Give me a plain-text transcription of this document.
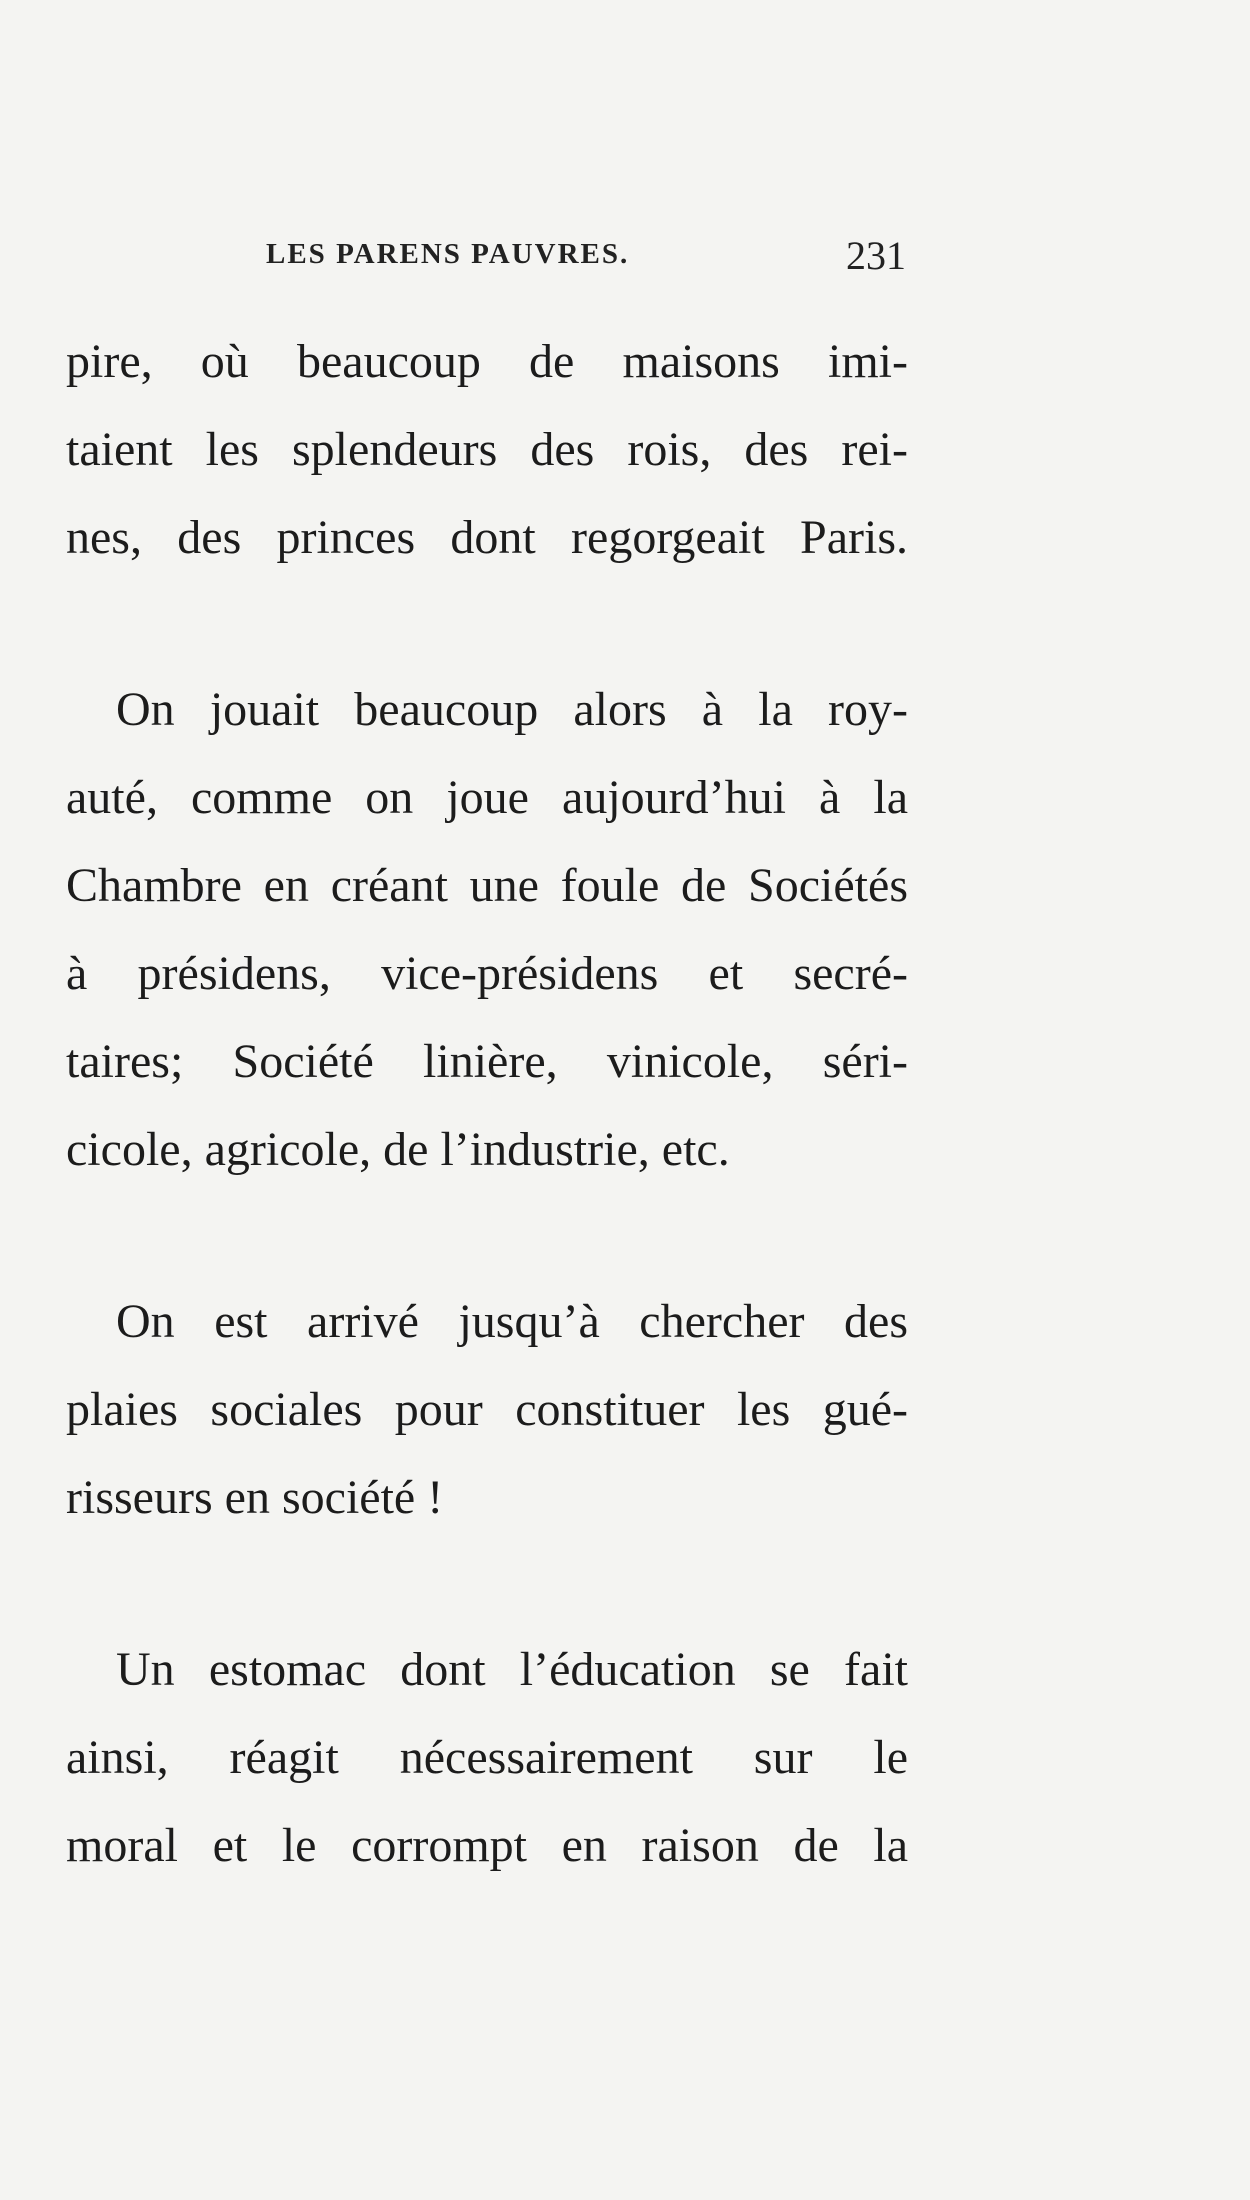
LES PARENS PAUVRES.	231
pire, où beaucoup de maisons imi-
taient les splendeurs des rois, des rei-
nes, des princes dont regorgeait Paris.
On jouait beaucoup alors à la roy-
auté, comme on joue aujourd’hui à la
Chambre en créant une foule de Sociétés
à présidens, vice-présidens et secré-
taires; Société linière, vinicole, séri-
cicole, agricole, de l’industrie, etc.
On est arrivé jusqu’à chercher des
plaies sociales pour constituer les gué-
risseurs en société !
Un estomac dont l’éducation se fait
ainsi, réagit nécessairement sur le
moral et le corrompt en raison de la
